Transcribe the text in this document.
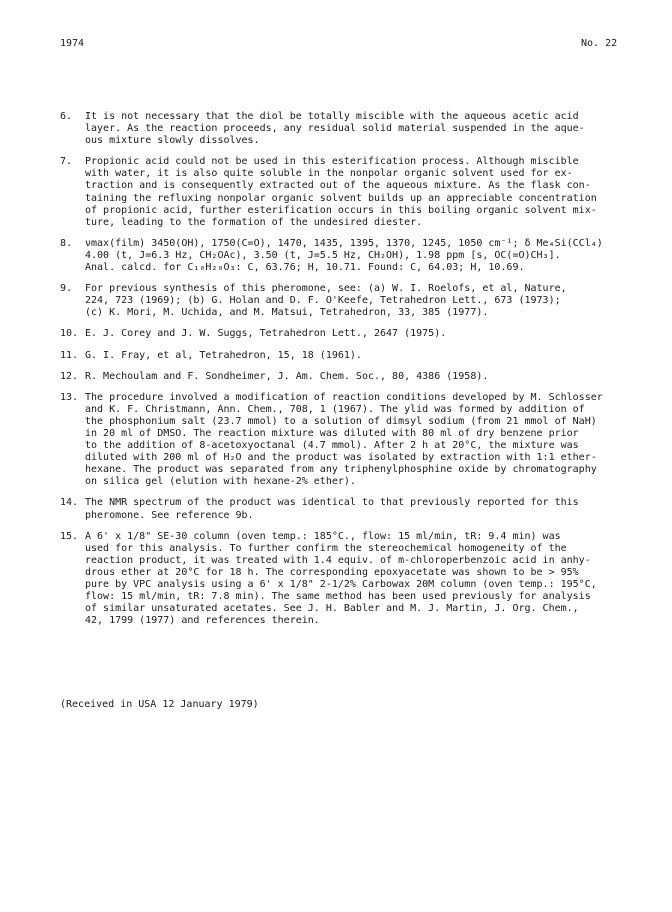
1974	No. 22
6. It is not necessary that the diol be totally miscible with the aqueous acetic acid
layer. As the reaction proceeds, any residual solid material suspended in the aque-
ous mixture slowly dissolves.
7. Propionic acid could not be used in this esterification process. Although miscible
with water, it is also quite soluble in the nonpolar organic solvent used for ex-
traction and is consequently extracted out of the aqueous mixture. As the flask con-
taining the refluxing nonpolar organic solvent builds up an appreciable concentration
of propionic acid, further esterification occurs in this boiling organic solvent mix-
ture, leading to the formation of the undesired diester.
8. νmax(film) 3450(OH), 1750(C=O), 1470, 1435, 1395, 1370, 1245, 1050 cm⁻¹; δ Me₄Si(CCl₄)
4.00 (t, J=6.3 Hz, CH₂OAc), 3.50 (t, J=5.5 Hz, CH₂OH), 1.98 ppm [s, OC(=O)CH₃].
Anal. calcd. for C₁₀H₂₀O₃: C, 63.76; H, 10.71. Found: C, 64.03; H, 10.69.
9. For previous synthesis of this pheromone, see: (a) W. I. Roelofs, et al, Nature,
224, 723 (1969); (b) G. Holan and D. F. O'Keefe, Tetrahedron Lett., 673 (1973);
(c) K. Mori, M. Uchida, and M. Matsui, Tetrahedron, 33, 385 (1977).
10. E. J. Corey and J. W. Suggs, Tetrahedron Lett., 2647 (1975).
11. G. I. Fray, et al, Tetrahedron, 15, 18 (1961).
12. R. Mechoulam and F. Sondheimer, J. Am. Chem. Soc., 80, 4386 (1958).
13. The procedure involved a modification of reaction conditions developed by M. Schlosser
and K. F. Christmann, Ann. Chem., 708, 1 (1967). The ylid was formed by addition of
the phosphonium salt (23.7 mmol) to a solution of dimsyl sodium (from 21 mmol of NaH)
in 20 ml of DMSO. The reaction mixture was diluted with 80 ml of dry benzene prior
to the addition of 8-acetoxyoctanal (4.7 mmol). After 2 h at 20°C, the mixture was
diluted with 200 ml of H₂O and the product was isolated by extraction with 1:1 ether-
hexane. The product was separated from any triphenylphosphine oxide by chromatography
on silica gel (elution with hexane-2% ether).
14. The NMR spectrum of the product was identical to that previously reported for this
pheromone. See reference 9b.
15. A 6' x 1/8" SE-30 column (oven temp.: 185°C., flow: 15 ml/min, tR: 9.4 min) was
used for this analysis. To further confirm the stereochemical homogeneity of the
reaction product, it was treated with 1.4 equiv. of m-chloroperbenzoic acid in anhy-
drous ether at 20°C for 18 h. The corresponding epoxyacetate was shown to be > 95%
pure by VPC analysis using a 6' x 1/8" 2-1/2% Carbowax 20M column (oven temp.: 195°C,
flow: 15 ml/min, tR: 7.8 min). The same method has been used previously for analysis
of similar unsaturated acetates. See J. H. Babler and M. J. Martin, J. Org. Chem.,
42, 1799 (1977) and references therein.
(Received in USA 12 January 1979)
